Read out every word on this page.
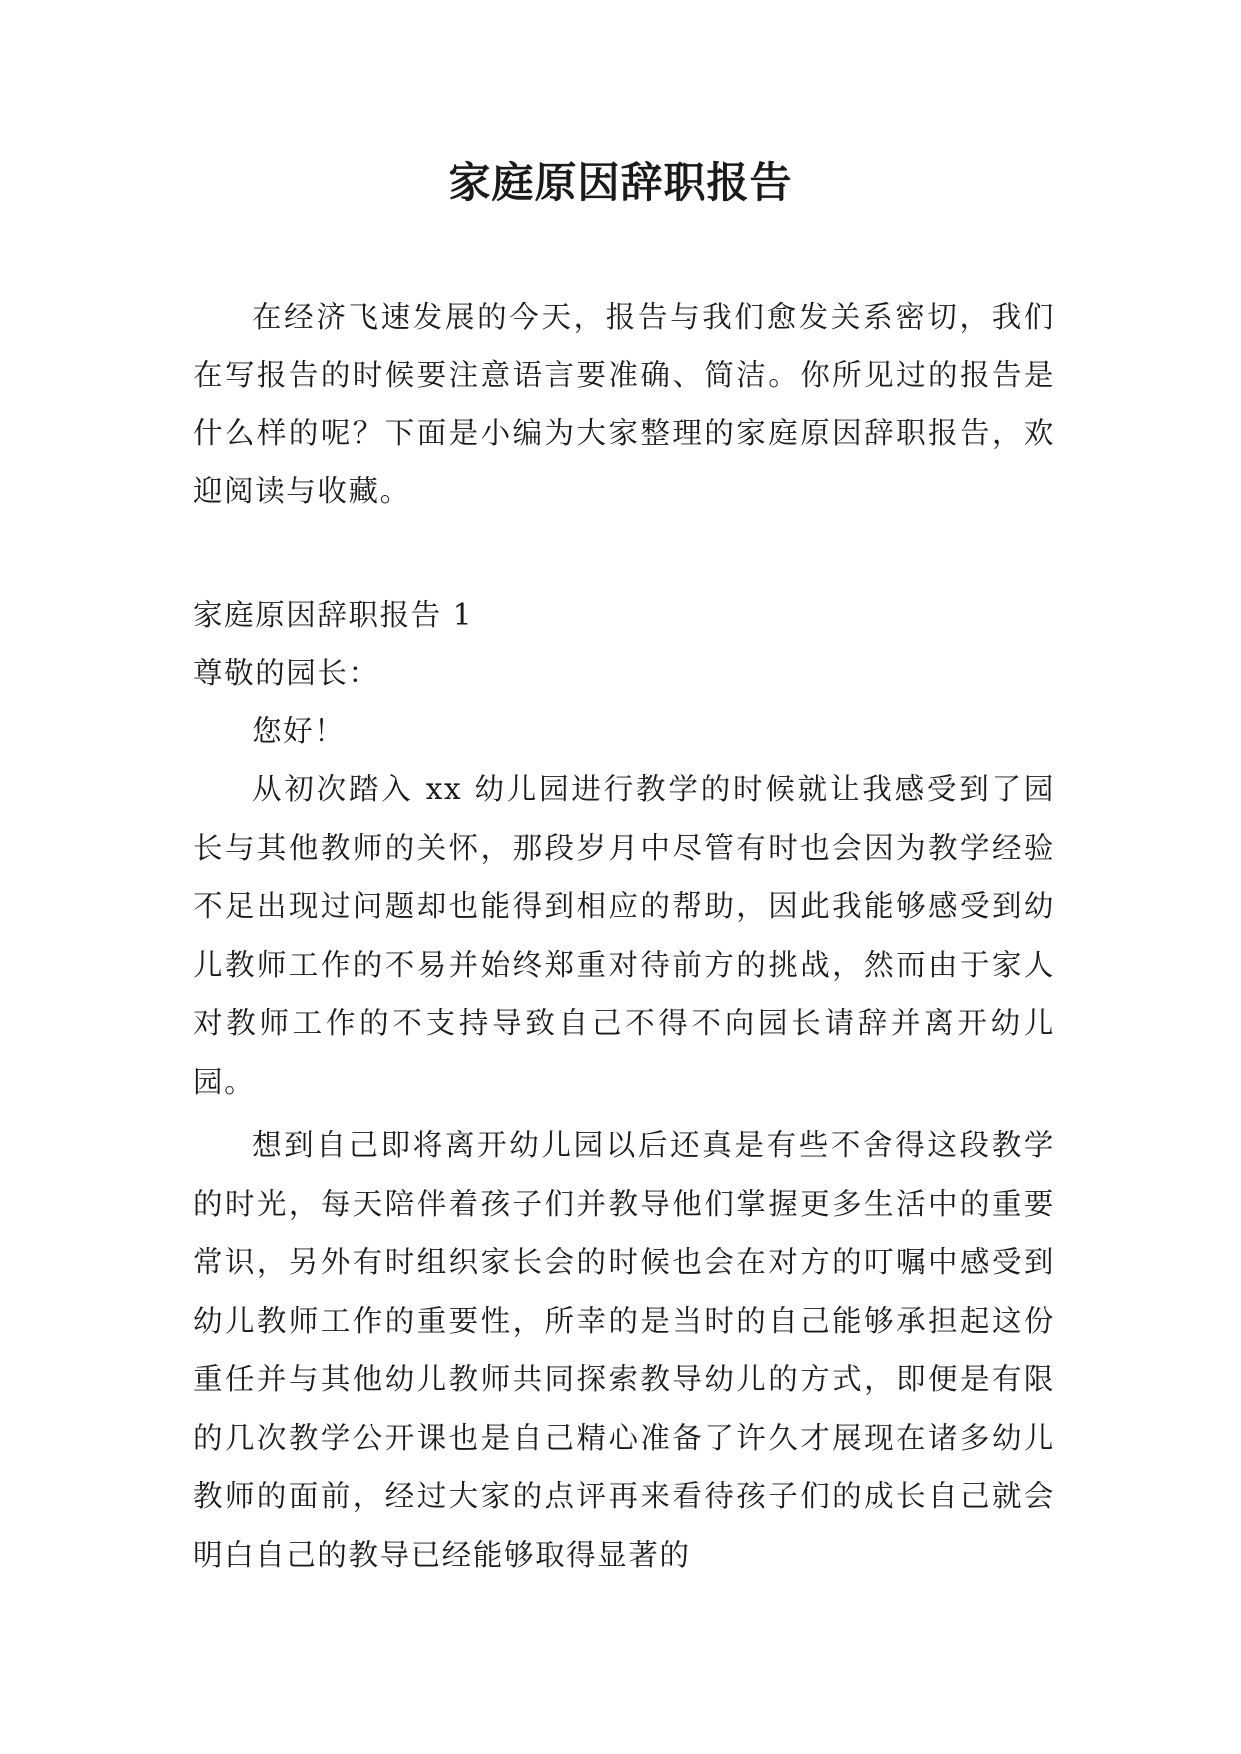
家庭原因辞职报告

在经济飞速发展的今天，报告与我们愈发关系密切，我们在写报告的时候要注意语言要准确、简洁。你所见过的报告是什么样的呢？下面是小编为大家整理的家庭原因辞职报告，欢迎阅读与收藏。

家庭原因辞职报告 1

尊敬的园长：

您好！

从初次踏入 xx 幼儿园进行教学的时候就让我感受到了园长与其他教师的关怀，那段岁月中尽管有时也会因为教学经验不足出现过问题却也能得到相应的帮助，因此我能够感受到幼儿教师工作的不易并始终郑重对待前方的挑战，然而由于家人对教师工作的不支持导致自己不得不向园长请辞并离开幼儿园。

想到自己即将离开幼儿园以后还真是有些不舍得这段教学的时光，每天陪伴着孩子们并教导他们掌握更多生活中的重要常识，另外有时组织家长会的时候也会在对方的叮嘱中感受到幼儿教师工作的重要性，所幸的是当时的自己能够承担起这份重任并与其他幼儿教师共同探索教导幼儿的方式，即便是有限的几次教学公开课也是自己精心准备了许久才展现在诸多幼儿教师的面前，经过大家的点评再来看待孩子们的成长自己就会明白自己的教导已经能够取得显著的
